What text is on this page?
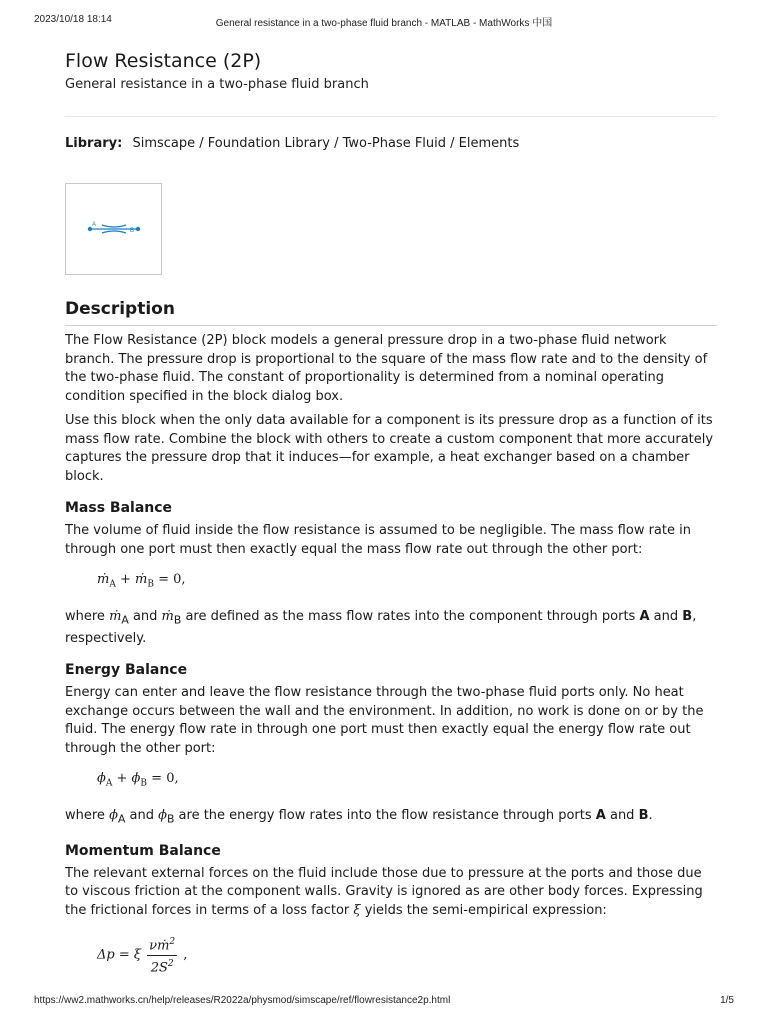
2023/10/18 18:14	General resistance in a two-phase fluid branch - MATLAB - MathWorks 中国
Flow Resistance (2P)
General resistance in a two-phase fluid branch
Library: Simscape / Foundation Library / Two-Phase Fluid / Elements
A
B
Description

The Flow Resistance (2P) block models a general pressure drop in a two-phase fluid network branch. The pressure drop is proportional to the square of the mass flow rate and to the density of the two-phase fluid. The constant of proportionality is determined from a nominal operating condition specified in the block dialog box.

Use this block when the only data available for a component is its pressure drop as a function of its mass flow rate. Combine the block with others to create a custom component that more accurately captures the pressure drop that it induces—for example, a heat exchanger based on a chamber block.

Mass Balance

The volume of fluid inside the flow resistance is assumed to be negligible. The mass flow rate in through one port must then exactly equal the mass flow rate out through the other port:

ṁ$_A$ + ṁ$_B$ = 0,

where ṁ$_A$ and ṁ$_B$ are defined as the mass flow rates into the component through ports A and B, respectively.

Energy Balance

Energy can enter and leave the flow resistance through the two-phase fluid ports only. No heat exchange occurs between the wall and the environment. In addition, no work is done on or by the fluid. The energy flow rate in through one port must then exactly equal the energy flow rate out through the other port:

$\phi_A + \phi_B = 0$,

where $\phi_A$ and $\phi_B$ are the energy flow rates into the flow resistance through ports A and B.

Momentum Balance

The relevant external forces on the fluid include those due to pressure at the ports and those due to viscous friction at the component walls. Gravity is ignored as are other body forces. Expressing the frictional forces in terms of a loss factor ξ yields the semi-empirical expression:

Δp = ξ $\frac{\nu ṁ^2}{2S^2}$ ,
https://ww2.mathworks.cn/help/releases/R2022a/physmod/simscape/ref/flowresistance2p.html	1/5
